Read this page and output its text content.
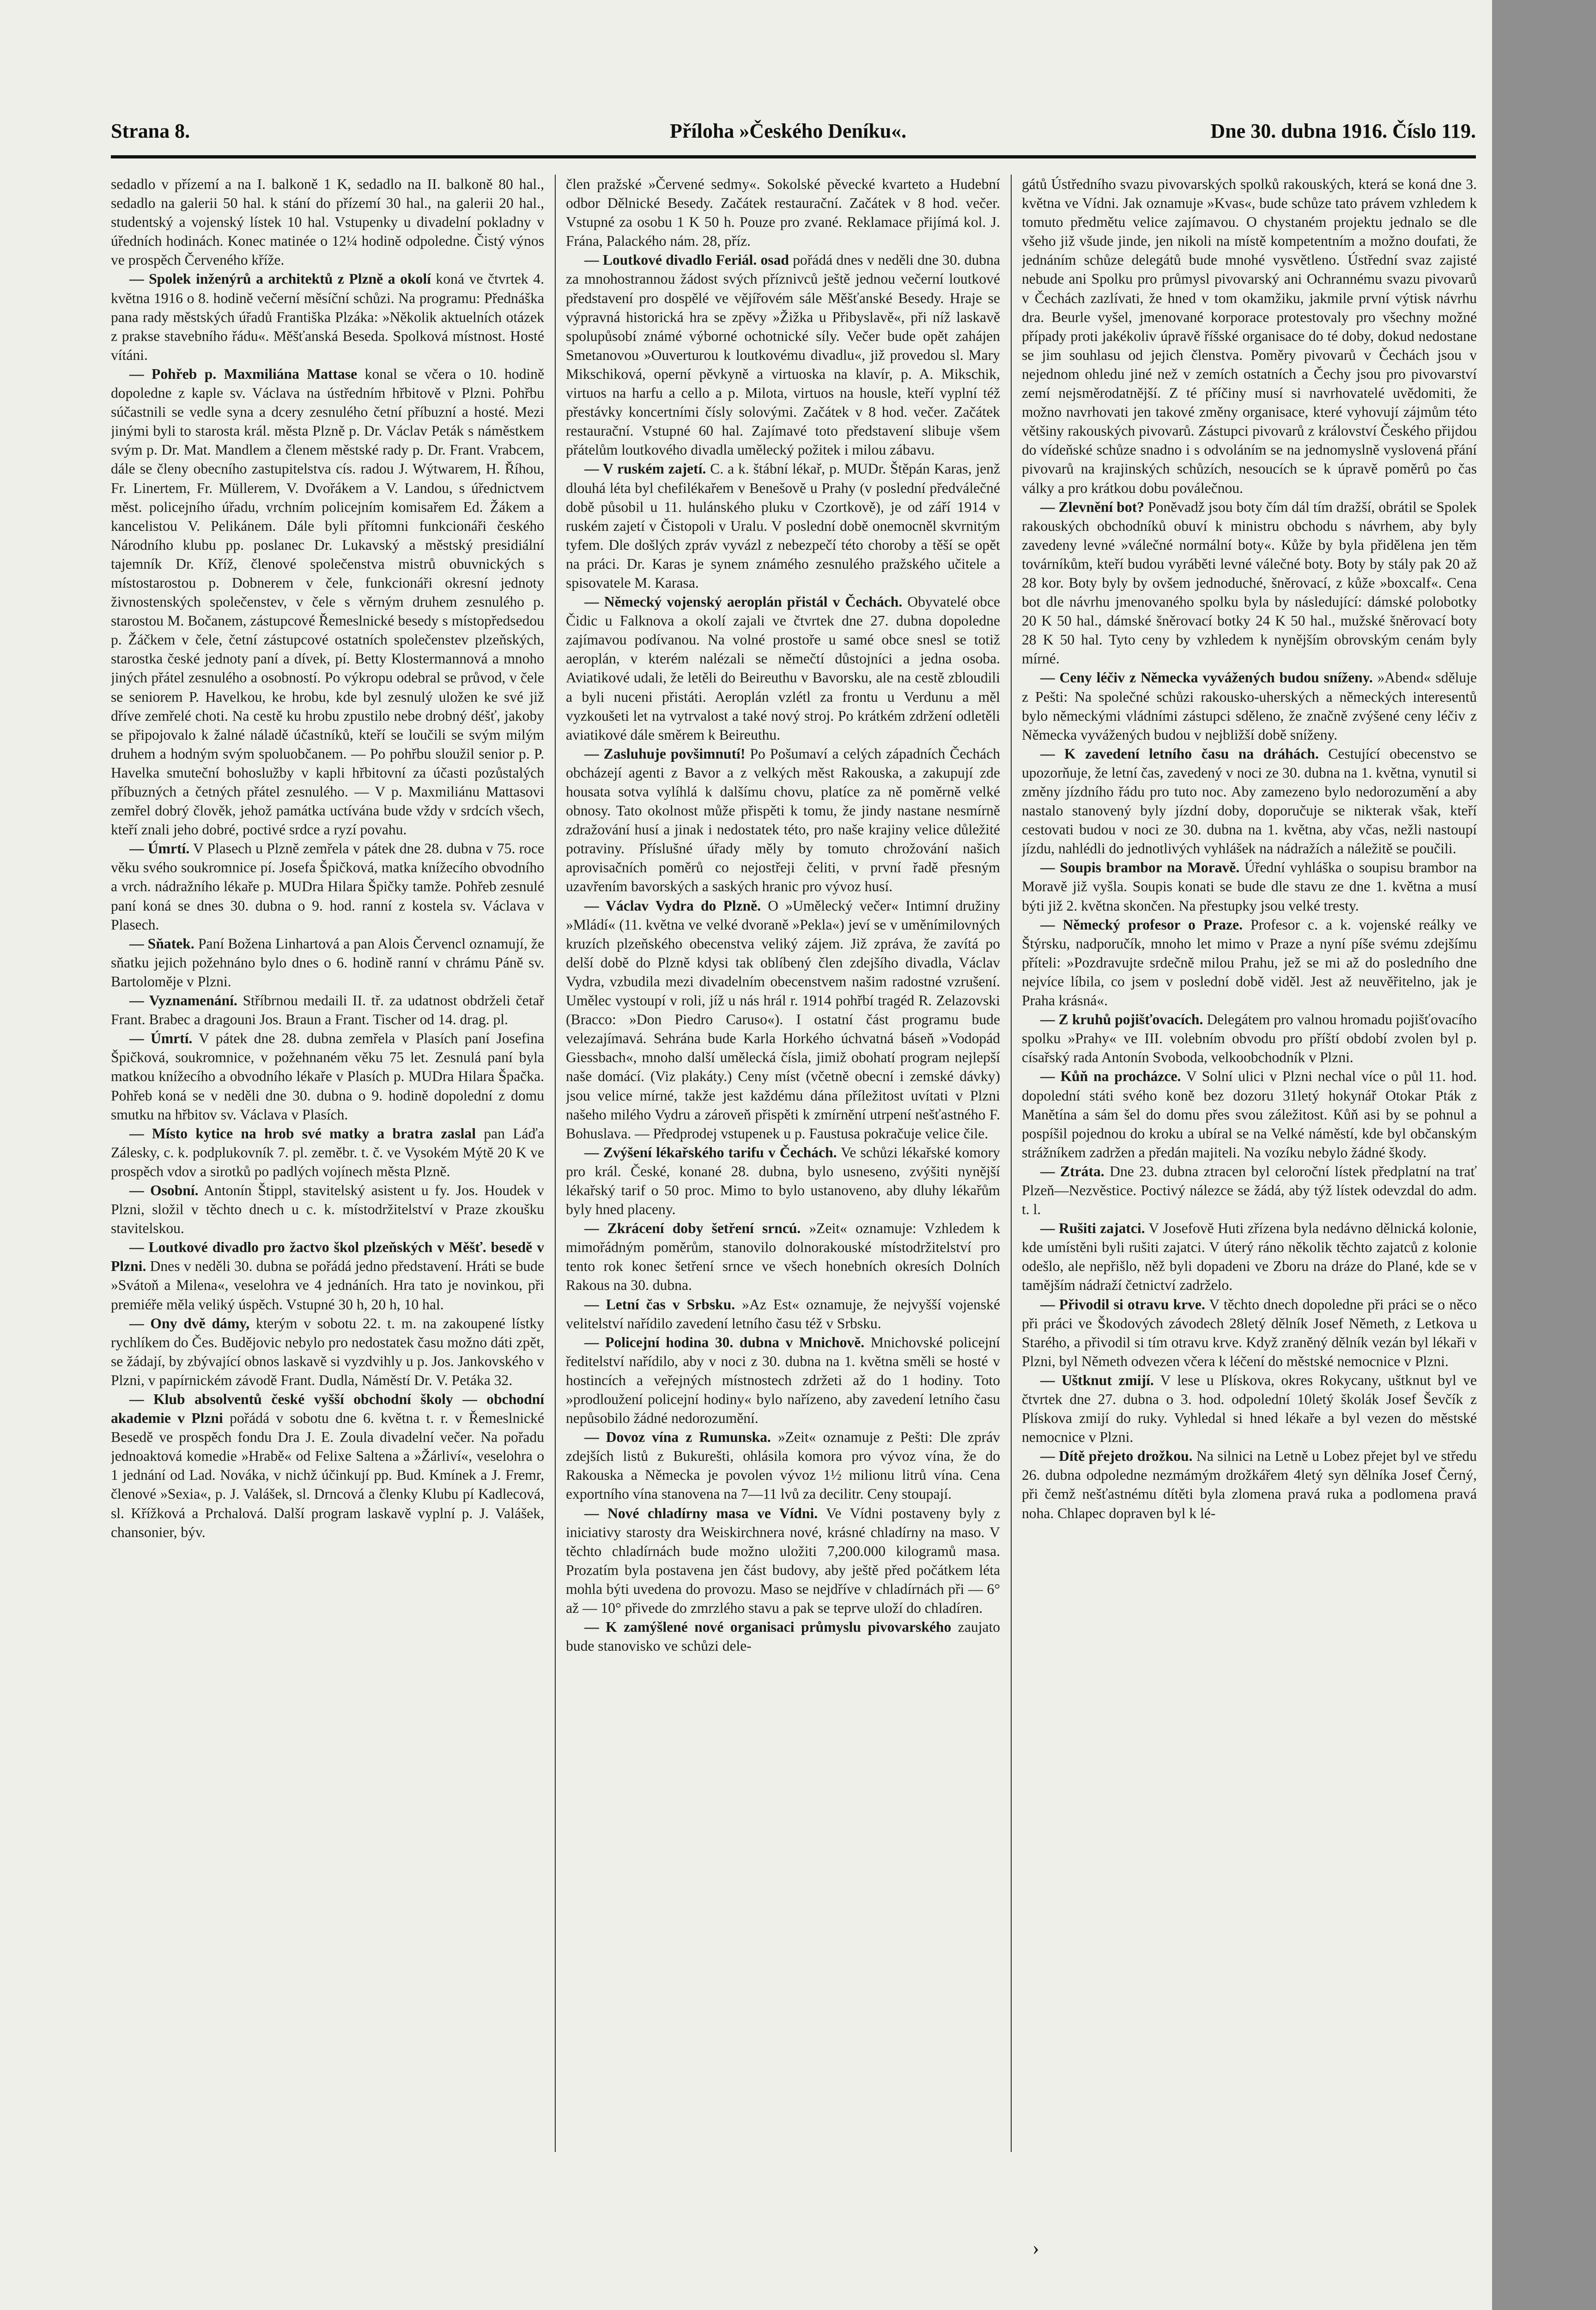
Strana 8.	Příloha »Českého Deníku«.	Dne 30. dubna 1916. Číslo 119.

sedadlo v přízemí a na I. balkoně 1 K, sedadlo na II. balkoně 80 hal., sedadlo na galerii 50 hal. k stání do přízemí 30 hal., na galerii 20 hal., studentský a vojenský lístek 10 hal. Vstupenky u divadelní pokladny v úředních hodinách. Konec matinée o 12¼ hodině odpoledne. Čistý výnos ve prospěch Červeného kříže.

— Spolek inženýrů a architektů z Plzně a okolí koná ve čtvrtek 4. května 1916 o 8. hodině večerní měsíční schůzi. Na programu: Přednáška pana rady městských úřadů Františka Plzáka: »Několik aktuelních otázek z prakse stavebního řádu«. Měšťanská Beseda. Spolková místnost. Hosté vítáni.

— Pohřeb p. Maxmiliána Mattase konal se včera o 10. hodině dopoledne z kaple sv. Václava na ústředním hřbitově v Plzni. Pohřbu súčastnili se vedle syna a dcery zesnulého četní příbuzní a hosté. Mezi jinými byli to starosta král. města Plzně p. Dr. Václav Peták s náměstkem svým p. Dr. Mat. Mandlem a členem městské rady p. Dr. Frant. Vrabcem, dále se členy obecního zastupitelstva cís. radou J. Wýtwarem, H. Říhou, Fr. Linertem, Fr. Müllerem, V. Dvořákem a V. Landou, s úřednictvem měst. policejního úřadu, vrchním policejním komisařem Ed. Žákem a kancelistou V. Pelikánem. Dále byli přítomni funkcionáři českého Národního klubu pp. poslanec Dr. Lukavský a městský presidiální tajemník Dr. Kříž, členové společenstva mistrů obuvnických s místostarostou p. Dobnerem v čele, funkcionáři okresní jednoty živnostenských společenstev, v čele s věrným druhem zesnulého p. starostou M. Bočanem, zástupcové Řemeslnické besedy s místopředsedou p. Žáčkem v čele, četní zástupcové ostatních společenstev plzeňských, starostka české jednoty paní a dívek, pí. Betty Klostermannová a mnoho jiných přátel zesnulého a osobností. Po výkropu odebral se průvod, v čele se seniorem P. Havelkou, ke hrobu, kde byl zesnulý uložen ke své již dříve zemřelé choti. Na cestě ku hrobu zpustilo nebe drobný déšť, jakoby se připojovalo k žalné náladě účastníků, kteří se loučili se svým milým druhem a hodným svým spoluobčanem. — Po pohřbu sloužil senior p. P. Havelka smuteční bohoslužby v kapli hřbitovní za účasti pozůstalých příbuzných a četných přátel zesnulého. — V p. Maxmiliánu Mattasovi zemřel dobrý člověk, jehož památka uctívána bude vždy v srdcích všech, kteří znali jeho dobré, poctivé srdce a ryzí povahu.

— Úmrtí. V Plasech u Plzně zemřela v pátek dne 28. dubna v 75. roce věku svého soukromnice pí. Josefa Špičková, matka knížecího obvodního a vrch. nádražního lékaře p. MUDra Hilara Špičky tamže. Pohřeb zesnulé paní koná se dnes 30. dubna o 9. hod. ranní z kostela sv. Václava v Plasech.

— Sňatek. Paní Božena Linhartová a pan Alois Červencl oznamují, že sňatku jejich požehnáno bylo dnes o 6. hodině ranní v chrámu Páně sv. Bartoloměje v Plzni.

— Vyznamenání. Stříbrnou medaili II. tř. za udatnost obdrželi četař Frant. Brabec a dragouni Jos. Braun a Frant. Tischer od 14. drag. pl.

— Úmrtí. V pátek dne 28. dubna zemřela v Plasích paní Josefina Špičková, soukromnice, v požehnaném věku 75 let. Zesnulá paní byla matkou knížecího a obvodního lékaře v Plasích p. MUDra Hilara Špačka. Pohřeb koná se v neděli dne 30. dubna o 9. hodině dopolední z domu smutku na hřbitov sv. Václava v Plasích.

— Místo kytice na hrob své matky a bratra zaslal pan Láďa Zálesky, c. k. podplukovník 7. pl. zeměbr. t. č. ve Vysokém Mýtě 20 K ve prospěch vdov a sirotků po padlých vojínech města Plzně.

— Osobní. Antonín Štippl, stavitelský asistent u fy. Jos. Houdek v Plzni, složil v těchto dnech u c. k. místodržitelství v Praze zkoušku stavitelskou.

— Loutkové divadlo pro žactvo škol plzeňských v Měšť. besedě v Plzni. Dnes v neděli 30. dubna se pořádá jedno představení. Hráti se bude »Svátoň a Milena«, veselohra ve 4 jednáních. Hra tato je novinkou, při premiéře měla veliký úspěch. Vstupné 30 h, 20 h, 10 hal.

— Ony dvě dámy, kterým v sobotu 22. t. m. na zakoupené lístky rychlíkem do Čes. Budějovic nebylo pro nedostatek času možno dáti zpět, se žádají, by zbývající obnos laskavě si vyzdvihly u p. Jos. Jankovského v Plzni, v papírnickém závodě Frant. Dudla, Náměstí Dr. V. Petáka 32.

— Klub absolventů české vyšší obchodní školy — obchodní akademie v Plzni pořádá v sobotu dne 6. května t. r. v Řemeslnické Besedě ve prospěch fondu Dra J. E. Zoula divadelní večer. Na pořadu jednoaktová komedie »Hrabě« od Felixe Saltena a »Žárliví«, veselohra o 1 jednání od Lad. Nováka, v nichž účinkují pp. Bud. Kmínek a J. Fremr, členové »Sexia«, p. J. Valášek, sl. Drncová a členky Klubu pí Kadlecová, sl. Křížková a Prchalová. Další program laskavě vyplní p. J. Valášek, chansonier, býv.

člen pražské »Červené sedmy«. Sokolské pěvecké kvarteto a Hudební odbor Dělnické Besedy. Začátek restaurační. Začátek v 8 hod. večer. Vstupné za osobu 1 K 50 h. Pouze pro zvané. Reklamace přijímá kol. J. Frána, Palackého nám. 28, příz.

— Loutkové divadlo Feriál. osad pořádá dnes v neděli dne 30. dubna za mnohostrannou žádost svých příznivců ještě jednou večerní loutkové představení pro dospělé ve vějířovém sále Měšťanské Besedy. Hraje se výpravná historická hra se zpěvy »Žižka u Přibyslavě«, při níž laskavě spolupůsobí známé výborné ochotnické síly. Večer bude opět zahájen Smetanovou »Ouverturou k loutkovému divadlu«, již provedou sl. Mary Mikschiková, operní pěvkyně a virtuoska na klavír, p. A. Mikschik, virtuos na harfu a cello a p. Milota, virtuos na housle, kteří vyplní též přestávky koncertními čísly solovými. Začátek v 8 hod. večer. Začátek restaurační. Vstupné 60 hal. Zajímavé toto představení slibuje všem přátelům loutkového divadla umělecký požitek i milou zábavu.

— V ruském zajetí. C. a k. štábní lékař, p. MUDr. Štěpán Karas, jenž dlouhá léta byl chefilékařem v Benešově u Prahy (v poslední předválečné době působil u 11. hulánského pluku v Czortkově), je od září 1914 v ruském zajetí v Čistopoli v Uralu. V poslední době onemocněl skvrnitým tyfem. Dle došlých zpráv vyvázl z nebezpečí této choroby a těší se opět na práci. Dr. Karas je synem známého zesnulého pražského učitele a spisovatele M. Karasa.

— Německý vojenský aeroplán přistál v Čechách. Obyvatelé obce Čidic u Falknova a okolí zajali ve čtvrtek dne 27. dubna dopoledne zajímavou podívanou. Na volné prostoře u samé obce snesl se totiž aeroplán, v kterém nalézali se němečtí důstojníci a jedna osoba. Aviatikové udali, že letěli do Beireuthu v Bavorsku, ale na cestě zbloudili a byli nuceni přistáti. Aeroplán vzlétl za frontu u Verdunu a měl vyzkoušeti let na vytrvalost a také nový stroj. Po krátkém zdržení odletěli aviatikové dále směrem k Beireuthu.

— Zasluhuje povšimnutí! Po Pošumaví a celých západních Čechách obcházejí agenti z Bavor a z velkých měst Rakouska, a zakupují zde housata sotva vylíhlá k dalšímu chovu, platíce za ně poměrně velké obnosy. Tato okolnost může přispěti k tomu, že jindy nastane nesmírně zdražování husí a jinak i nedostatek této, pro naše krajiny velice důležité potraviny. Příslušné úřady měly by tomuto chrožování našich aprovisačních poměrů co nejostřeji čeliti, v první řadě přesným uzavřením bavorských a saských hranic pro vývoz husí.

— Václav Vydra do Plzně. O »Umělecký večer« Intimní družiny »Mládí« (11. května ve velké dvoraně »Pekla«) jeví se v uměnímilovných kruzích plzeňského obecenstva veliký zájem. Již zpráva, že zavítá po delší době do Plzně kdysi tak oblíbený člen zdejšího divadla, Václav Vydra, vzbudila mezi divadelním obecenstvem našim radostné vzrušení. Umělec vystoupí v roli, jíž u nás hrál r. 1914 pohřbí tragéd R. Zelazovski (Bracco: »Don Piedro Caruso«). I ostatní část programu bude velezajímavá. Sehrána bude Karla Horkého úchvatná báseň »Vodopád Giessbach«, mnoho další umělecká čísla, jimiž obohatí program nejlepší naše domácí. (Viz plakáty.) Ceny míst (včetně obecní i zemské dávky) jsou velice mírné, takže jest každému dána příležitost uvítati v Plzni našeho milého Vydru a zároveň přispěti k zmírnění utrpení nešťastného F. Bohuslava. — Předprodej vstupenek u p. Faustusa pokračuje velice čile.

— Zvýšení lékařského tarifu v Čechách. Ve schůzi lékařské komory pro král. České, konané 28. dubna, bylo usneseno, zvýšiti nynější lékařský tarif o 50 proc. Mimo to bylo ustanoveno, aby dluhy lékařům byly hned placeny.

— Zkrácení doby šetření srncú. »Zeit« oznamuje: Vzhledem k mimořádným poměrům, stanovilo dolnorakouské místodržitelství pro tento rok konec šetření srnce ve všech honebních okresích Dolních Rakous na 30. dubna.

— Letní čas v Srbsku. »Az Est« oznamuje, že nejvyšší vojenské velitelství nařídilo zavedení letního času též v Srbsku.

— Policejní hodina 30. dubna v Mnichově. Mnichovské policejní ředitelství nařídilo, aby v noci z 30. dubna na 1. května směli se hosté v hostincích a veřejných místnostech zdržeti až do 1 hodiny. Toto »prodloužení policejní hodiny« bylo nařízeno, aby zavedení letního času nepůsobilo žádné nedorozumění.

— Dovoz vína z Rumunska. »Zeit« oznamuje z Pešti: Dle zpráv zdejších listů z Bukurešti, ohlásila komora pro vývoz vína, že do Rakouska a Německa je povolen vývoz 1½ milionu litrů vína. Cena exportního vína stanovena na 7—11 lvů za decilitr. Ceny stoupají.

— Nové chladírny masa ve Vídni. Ve Vídni postaveny byly z iniciativy starosty dra Weiskirchnera nové, krásné chladírny na maso. V těchto chladírnách bude možno uložiti 7,200.000 kilogramů masa. Prozatím byla postavena jen část budovy, aby ještě před počátkem léta mohla býti uvedena do provozu. Maso se nejdříve v chladírnách při — 6° až — 10° přivede do zmrzlého stavu a pak se teprve uloží do chladíren.

— K zamýšlené nové organisaci průmyslu pivovarského zaujato bude stanovisko ve schůzi dele-

gátů Ústředního svazu pivovarských spolků rakouských, která se koná dne 3. května ve Vídni. Jak oznamuje »Kvas«, bude schůze tato právem vzhledem k tomuto předmětu velice zajímavou. O chystaném projektu jednalo se dle všeho již všude jinde, jen nikoli na místě kompetentním a možno doufati, že jednáním schůze delegátů bude mnohé vysvětleno. Ústřední svaz zajisté nebude ani Spolku pro průmysl pivovarský ani Ochrannému svazu pivovarů v Čechách zazlívati, že hned v tom okamžiku, jakmile první výtisk návrhu dra. Beurle vyšel, jmenované korporace protestovaly pro všechny možné případy proti jakékoliv úpravě říšské organisace do té doby, dokud nedostane se jim souhlasu od jejich členstva. Poměry pivovarů v Čechách jsou v nejednom ohledu jiné než v zemích ostatních a Čechy jsou pro pivovarství zemí nejsměrodatnější. Z té příčiny musí si navrhovatelé uvědomiti, že možno navrhovati jen takové změny organisace, které vyhovují zájmům této většiny rakouských pivovarů. Zástupci pivovarů z království Českého přijdou do vídeňské schůze snadno i s odvoláním se na jednomyslně vyslovená přání pivovarů na krajinských schůzích, nesoucích se k úpravě poměrů po čas války a pro krátkou dobu poválečnou.

— Zlevnění bot? Poněvadž jsou boty čím dál tím dražší, obrátil se Spolek rakouských obchodníků obuví k ministru obchodu s návrhem, aby byly zavedeny levné »válečné normální boty«. Kůže by byla přidělena jen těm továrníkům, kteří budou vyráběti levné válečné boty. Boty by stály pak 20 až 28 kor. Boty byly by ovšem jednoduché, šněrovací, z kůže »boxcalf«. Cena bot dle návrhu jmenovaného spolku byla by následující: dámské polobotky 20 K 50 hal., dámské šněrovací botky 24 K 50 hal., mužské šněrovací boty 28 K 50 hal. Tyto ceny by vzhledem k nynějším obrovským cenám byly mírné.

— Ceny léčiv z Německa vyvážených budou sníženy. »Abend« sděluje z Pešti: Na společné schůzi rakousko-uherských a německých interesentů bylo německými vládními zástupci sděleno, že značně zvýšené ceny léčiv z Německa vyvážených budou v nejbližší době sníženy.

— K zavedení letního času na dráhách. Cestující obecenstvo se upozorňuje, že letní čas, zavedený v noci ze 30. dubna na 1. května, vynutil si změny jízdního řádu pro tuto noc. Aby zamezeno bylo nedorozumění a aby nastalo stanovený byly jízdní doby, doporučuje se nikterak však, kteří cestovati budou v noci ze 30. dubna na 1. května, aby včas, nežli nastoupí jízdu, nahlédli do jednotlivých vyhlášek na nádražích a náležitě se poučili.

— Soupis brambor na Moravě. Úřední vyhláška o soupisu brambor na Moravě již vyšla. Soupis konati se bude dle stavu ze dne 1. května a musí býti již 2. května skončen. Na přestupky jsou velké tresty.

— Německý profesor o Praze. Profesor c. a k. vojenské reálky ve Štýrsku, nadporučík, mnoho let mimo v Praze a nyní píše svému zdejšímu příteli: »Pozdravujte srdečně milou Prahu, jež se mi až do posledního dne nejvíce líbila, co jsem v poslední době viděl. Jest až neuvěřitelno, jak je Praha krásná«.

— Z kruhů pojišťovacích. Delegátem pro valnou hromadu pojišťovacího spolku »Prahy« ve III. volebním obvodu pro příští období zvolen byl p. císařský rada Antonín Svoboda, velkoobchodník v Plzni.

— Kůň na procházce. V Solní ulici v Plzni nechal více o půl 11. hod. dopolední státi svého koně bez dozoru 31letý hokynář Otokar Pták z Manětína a sám šel do domu přes svou záležitost. Kůň asi by se pohnul a pospíšil pojednou do kroku a ubíral se na Velké náměstí, kde byl občanským strážníkem zadržen a předán majiteli. Na vozíku nebylo žádné škody.

— Ztráta. Dne 23. dubna ztracen byl celoroční lístek předplatní na trať Plzeň—Nezvěstice. Poctivý nálezce se žádá, aby týž lístek odevzdal do adm. t. l.

— Rušiti zajatci. V Josefově Huti zřízena byla nedávno dělnická kolonie, kde umístěni byli rušiti zajatci. V úterý ráno několik těchto zajatců z kolonie odešlo, ale nepřišlo, něž byli dopadeni ve Zboru na dráze do Plané, kde se v tamějším nádraží četnictví zadrželo.

— Přivodil si otravu krve. V těchto dnech dopoledne při práci se o něco při práci ve Škodových závodech 28letý dělník Josef Němeth, z Letkova u Starého, a přivodil si tím otravu krve. Když zraněný dělník vezán byl lékaři v Plzni, byl Němeth odvezen včera k léčení do městské nemocnice v Plzni.

— Uštknut zmijí. V lese u Plískova, okres Rokycany, uštknut byl ve čtvrtek dne 27. dubna o 3. hod. odpolední 10letý školák Josef Ševčík z Plískova zmijí do ruky. Vyhledal si hned lékaře a byl vezen do městské nemocnice v Plzni.

— Dítě přejeto drožkou. Na silnici na Letně u Lobez přejet byl ve středu 26. dubna odpoledne nezmámým drožkářem 4letý syn dělníka Josef Černý, při čemž nešťastnému dítěti byla zlomena pravá ruka a podlomena pravá noha. Chlapec dopraven byl k lé-

›
